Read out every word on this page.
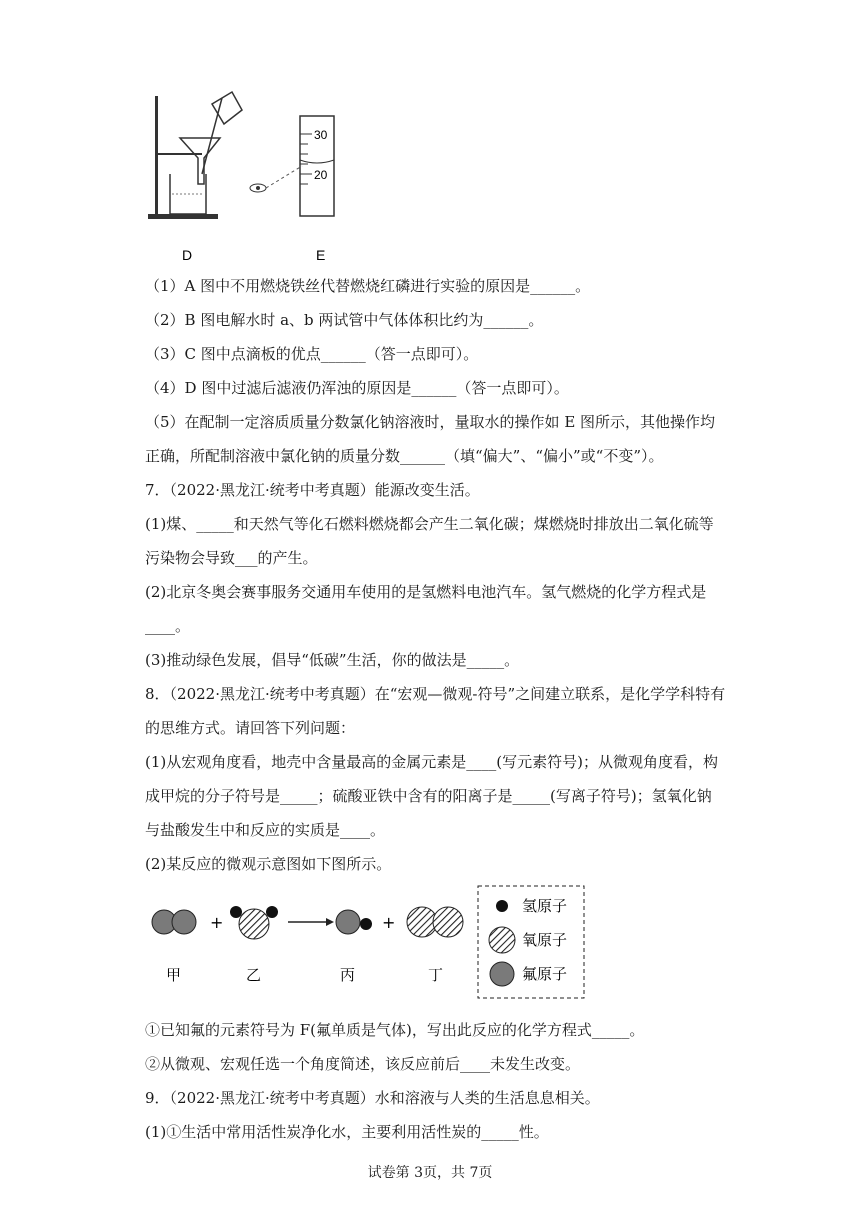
30
20
D	E
（1）A 图中不用燃烧铁丝代替燃烧红磷进行实验的原因是______。
（2）B 图电解水时 a、b 两试管中气体体积比约为______。
（3）C 图中点滴板的优点______（答一点即可）。
（4）D 图中过滤后滤液仍浑浊的原因是______（答一点即可）。
（5）在配制一定溶质质量分数氯化钠溶液时，量取水的操作如 E 图所示，其他操作均
正确，所配制溶液中氯化钠的质量分数______（填“偏大”、“偏小”或“不变”）。
7．（2022·黑龙江·统考中考真题）能源改变生活。
(1)煤、_____和天然气等化石燃料燃烧都会产生二氧化碳；煤燃烧时排放出二氧化硫等
污染物会导致___的产生。
(2)北京冬奥会赛事服务交通用车使用的是氢燃料电池汽车。氢气燃烧的化学方程式是
____。
(3)推动绿色发展，倡导“低碳”生活，你的做法是_____。
8．（2022·黑龙江·统考中考真题）在“宏观—微观-符号”之间建立联系，是化学学科特有
的思维方式。请回答下列问题：
(1)从宏观角度看，地壳中含量最高的金属元素是____(写元素符号)；从微观角度看，构
成甲烷的分子符号是_____；硫酸亚铁中含有的阳离子是_____(写离子符号)；氢氧化钠
与盐酸发生中和反应的实质是____。
(2)某反应的微观示意图如下图所示。
+	+
甲	乙	丙	丁
氢原子
氧原子
氟原子
①已知氟的元素符号为 F(氟单质是气体)，写出此反应的化学方程式_____。
②从微观、宏观任选一个角度简述，该反应前后____未发生改变。
9．（2022·黑龙江·统考中考真题）水和溶液与人类的生活息息相关。
(1)①生活中常用活性炭净化水，主要利用活性炭的_____性。
试卷第 3页，共 7页
